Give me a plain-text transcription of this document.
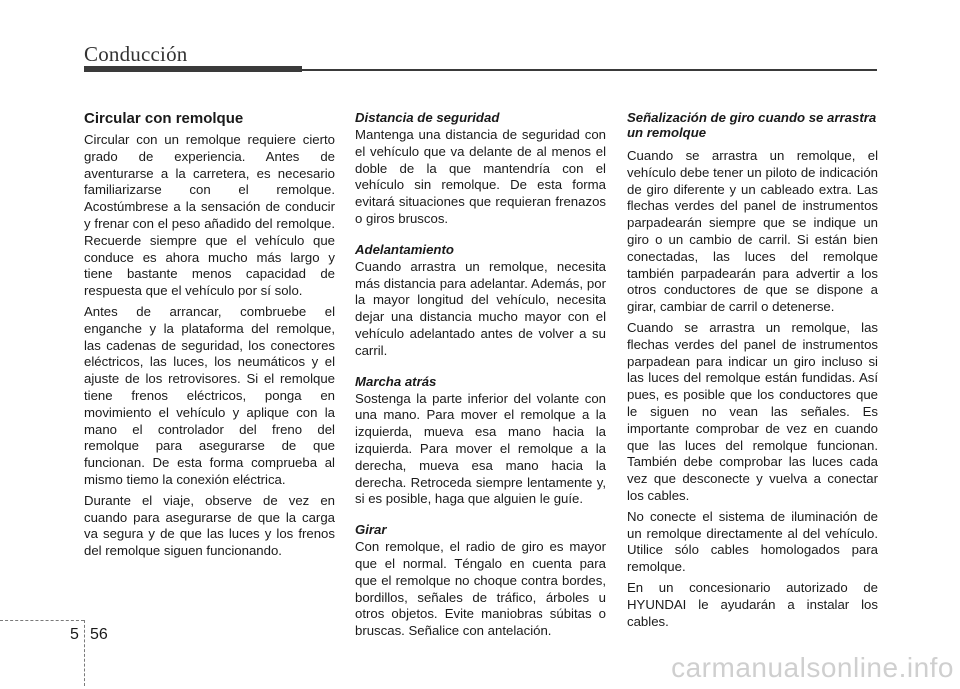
Conducción
Circular con remolque

Circular con un remolque requiere cierto grado de experiencia. Antes de aventurarse a la carretera, es necesario familiarizarse con el remolque. Acostúmbrese a la sensación de conducir y frenar con el peso añadido del remolque. Recuerde siempre que el vehículo que conduce es ahora mucho más largo y tiene bastante menos capacidad de respuesta que el vehículo por sí solo.

Antes de arrancar, combruebe el enganche y la plataforma del remolque, las cadenas de seguridad, los conectores eléctricos, las luces, los neumáticos y el ajuste de los retrovisores. Si el remolque tiene frenos eléctricos, ponga en movimiento el vehículo y aplique con la mano el controlador del freno del remolque para asegurarse de que funcionan. De esta forma comprueba al mismo tiemo la conexión eléctrica.

Durante el viaje, observe de vez en cuando para asegurarse de que la carga va segura y de que las luces y los frenos del remolque siguen funcionando.

Distancia de seguridad

Mantenga una distancia de seguridad con el vehículo que va delante de al menos el doble de la que mantendría con el vehículo sin remolque. De esta forma evitará situaciones que requieran frenazos o giros bruscos.

Adelantamiento

Cuando arrastra un remolque, necesita más distancia para adelantar. Además, por la mayor longitud del vehículo, necesita dejar una distancia mucho mayor con el vehículo adelantado antes de volver a su carril.

Marcha atrás

Sostenga la parte inferior del volante con una mano. Para mover el remolque a la izquierda, mueva esa mano hacia la izquierda. Para mover el remolque a la derecha, mueva esa mano hacia la derecha. Retroceda siempre lentamente y, si es posible, haga que alguien le guíe.

Girar

Con remolque, el radio de giro es mayor que el normal. Téngalo en cuenta para que el remolque no choque contra bordes, bordillos, señales de tráfico, árboles u otros objetos. Evite maniobras súbitas o bruscas. Señalice con antelación.

Señalización de giro cuando se arrastra un remolque

Cuando se arrastra un remolque, el vehículo debe tener un piloto de indicación de giro diferente y un cableado extra. Las flechas verdes del panel de instrumentos parpadearán siempre que se indique un giro o un cambio de carril. Si están bien conectadas, las luces del remolque también parpadearán para advertir a los otros conductores de que se dispone a girar, cambiar de carril o detenerse.

Cuando se arrastra un remolque, las flechas verdes del panel de instrumentos parpadean para indicar un giro incluso si las luces del remolque están fundidas. Así pues, es posible que los conductores que le siguen no vean las señales. Es importante comprobar de vez en cuando que las luces del remolque funcionan. También debe comprobar las luces cada vez que desconecte y vuelva a conectar los cables.

No conecte el sistema de iluminación de un remolque directamente al del vehículo. Utilice sólo cables homologados para remolque.

En un concesionario autorizado de HYUNDAI le ayudarán a instalar los cables.

5 56
carmanualsonline.info
